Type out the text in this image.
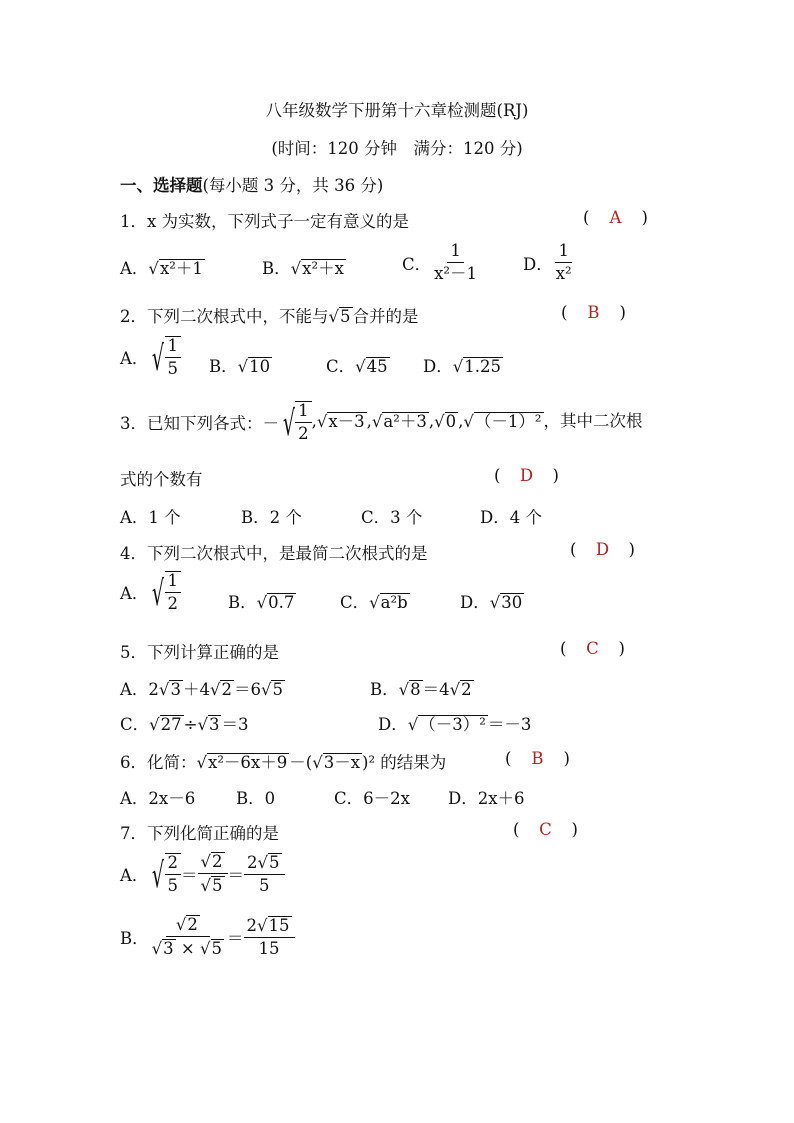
八年级数学下册第十六章检测题(RJ)
(时间：120 分钟　满分：120 分)
一、选择题(每小题 3 分，共 36 分)
1．x 为实数，下列式子一定有意义的是	( A )
A．√x²＋1	B．√x²＋x	C． $\frac{1}{\text{x²－1}}$	D． $\frac{1}{\text{x²}}$
2．下列二次根式中，不能与√5 合并的是	( B )
A． √ $\frac{1}{5}$ B．√10	C．√45 D．√1.25
3．已知下列各式：－ √ $\frac{1}{2} ,√x-3$ ,√a²＋3 ,√0 ,√（－1）² ，其中二次根
式的个数有	( D )
A．1 个	B．2 个	C．3 个	D．4 个
4．下列二次根式中，是最简二次根式的是	( D )
A． √ $\frac{1}{2}$	B．√0.7	C．√a²b	D．√30
5．下列计算正确的是	( C )
A．2√3 ＋4√2 ＝6√5	B．√8 ＝4√2
C．√27 ÷√3 ＝3	D．√（－3）² ＝－3
6．化简：√x²－6x＋9 －(√3－x )² 的结果为	( B )
A．2x－6 B．0	C．6－2x D．2x＋6
7．下列化简正确的是	( C )
A． √ $\frac{2}{5} = \frac{√2}{√5} = \frac{2√5}{5}$
B． $\frac{√2}{√3 \times √5} = \frac{2√15}{15}$
